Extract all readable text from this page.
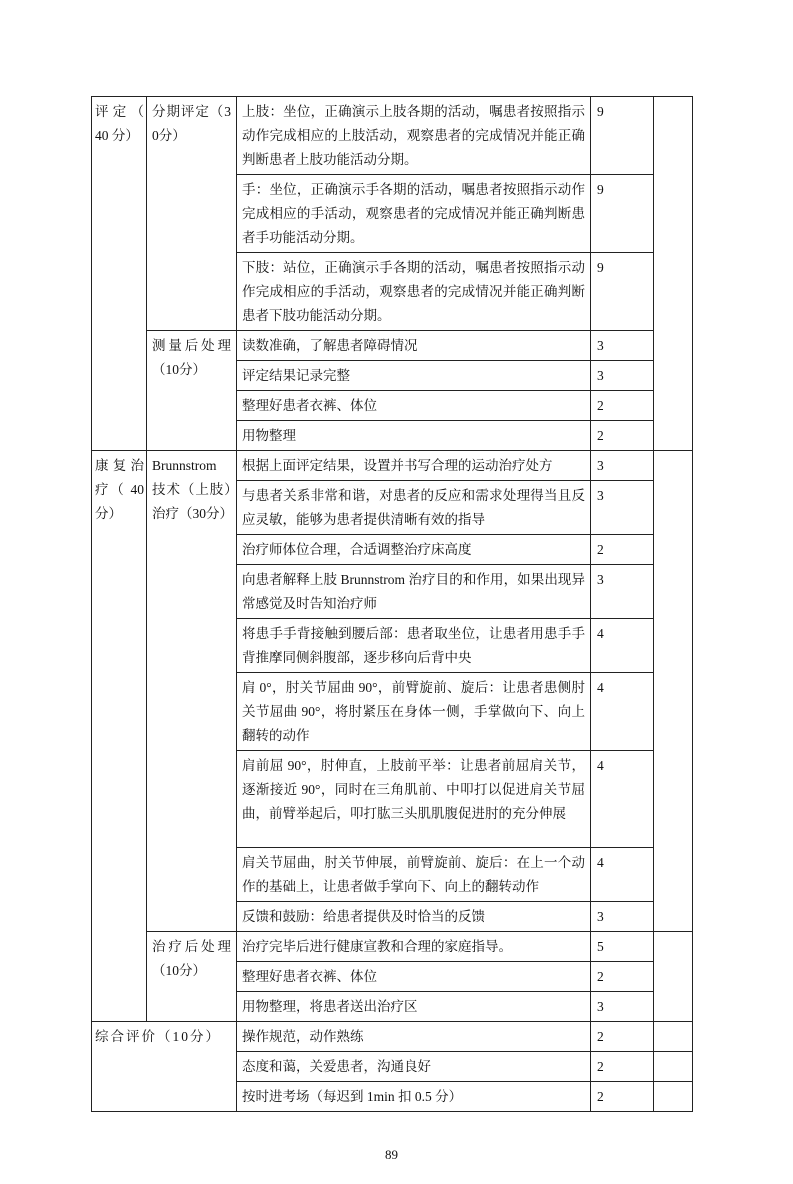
评定（ 40 分）	分期评定（30分）	上肢：坐位，正确演示上肢各期的活动，嘱患者按照指示动作完成相应的上肢活动，观察患者的完成情况并能正确判断患者上肢功能活动分期。	9	
		手：坐位，正确演示手各期的活动，嘱患者按照指示动作完成相应的手活动，观察患者的完成情况并能正确判断患者手功能活动分期。	9	
		下肢：站位，正确演示手各期的活动，嘱患者按照指示动作完成相应的手活动，观察患者的完成情况并能正确判断患者下肢功能活动分期。	9	
	测量后处理（10分）	读数准确，了解患者障碍情况	3	
		评定结果记录完整	3	
		整理好患者衣裤、体位	2	
		用物整理	2	
康 复 治疗（ 40 分）	Brunnstrom 技术（上肢）治疗（30分）	根据上面评定结果，设置并书写合理的运动治疗处方	3	
		与患者关系非常和谐，对患者的反应和需求处理得当且反应灵敏，能够为患者提供清晰有效的指导	3	
		治疗师体位合理，合适调整治疗床高度	2	
		向患者解释上肢 Brunnstrom 治疗目的和作用，如果出现异常感觉及时告知治疗师	3	
		将患手手背接触到腰后部：患者取坐位，让患者用患手手背推摩同侧斜腹部，逐步移向后背中央	4	
		肩 0°，肘关节屈曲 90°，前臂旋前、旋后：让患者患侧肘关节屈曲 90°，将肘紧压在身体一侧，手掌做向下、向上翻转的动作	4	
		肩前屈 90°，肘伸直，上肢前平举：让患者前屈肩关节，逐渐接近 90°，同时在三角肌前、中叩打以促进肩关节屈曲，前臂举起后，叩打肱三头肌肌腹促进肘的充分伸展	4	
		肩关节屈曲，肘关节伸展，前臂旋前、旋后：在上一个动作的基础上，让患者做手掌向下、向上的翻转动作	4	
		反馈和鼓励：给患者提供及时恰当的反馈	3	
	治疗后处理（10分）	治疗完毕后进行健康宣教和合理的家庭指导。	5	
		整理好患者衣裤、体位	2	
		用物整理，将患者送出治疗区	3	
综合评价（10分）		操作规范，动作熟练	2	
		态度和蔼，关爱患者，沟通良好	2	
		按时进考场（每迟到 1min 扣 0.5 分）	2	
89
